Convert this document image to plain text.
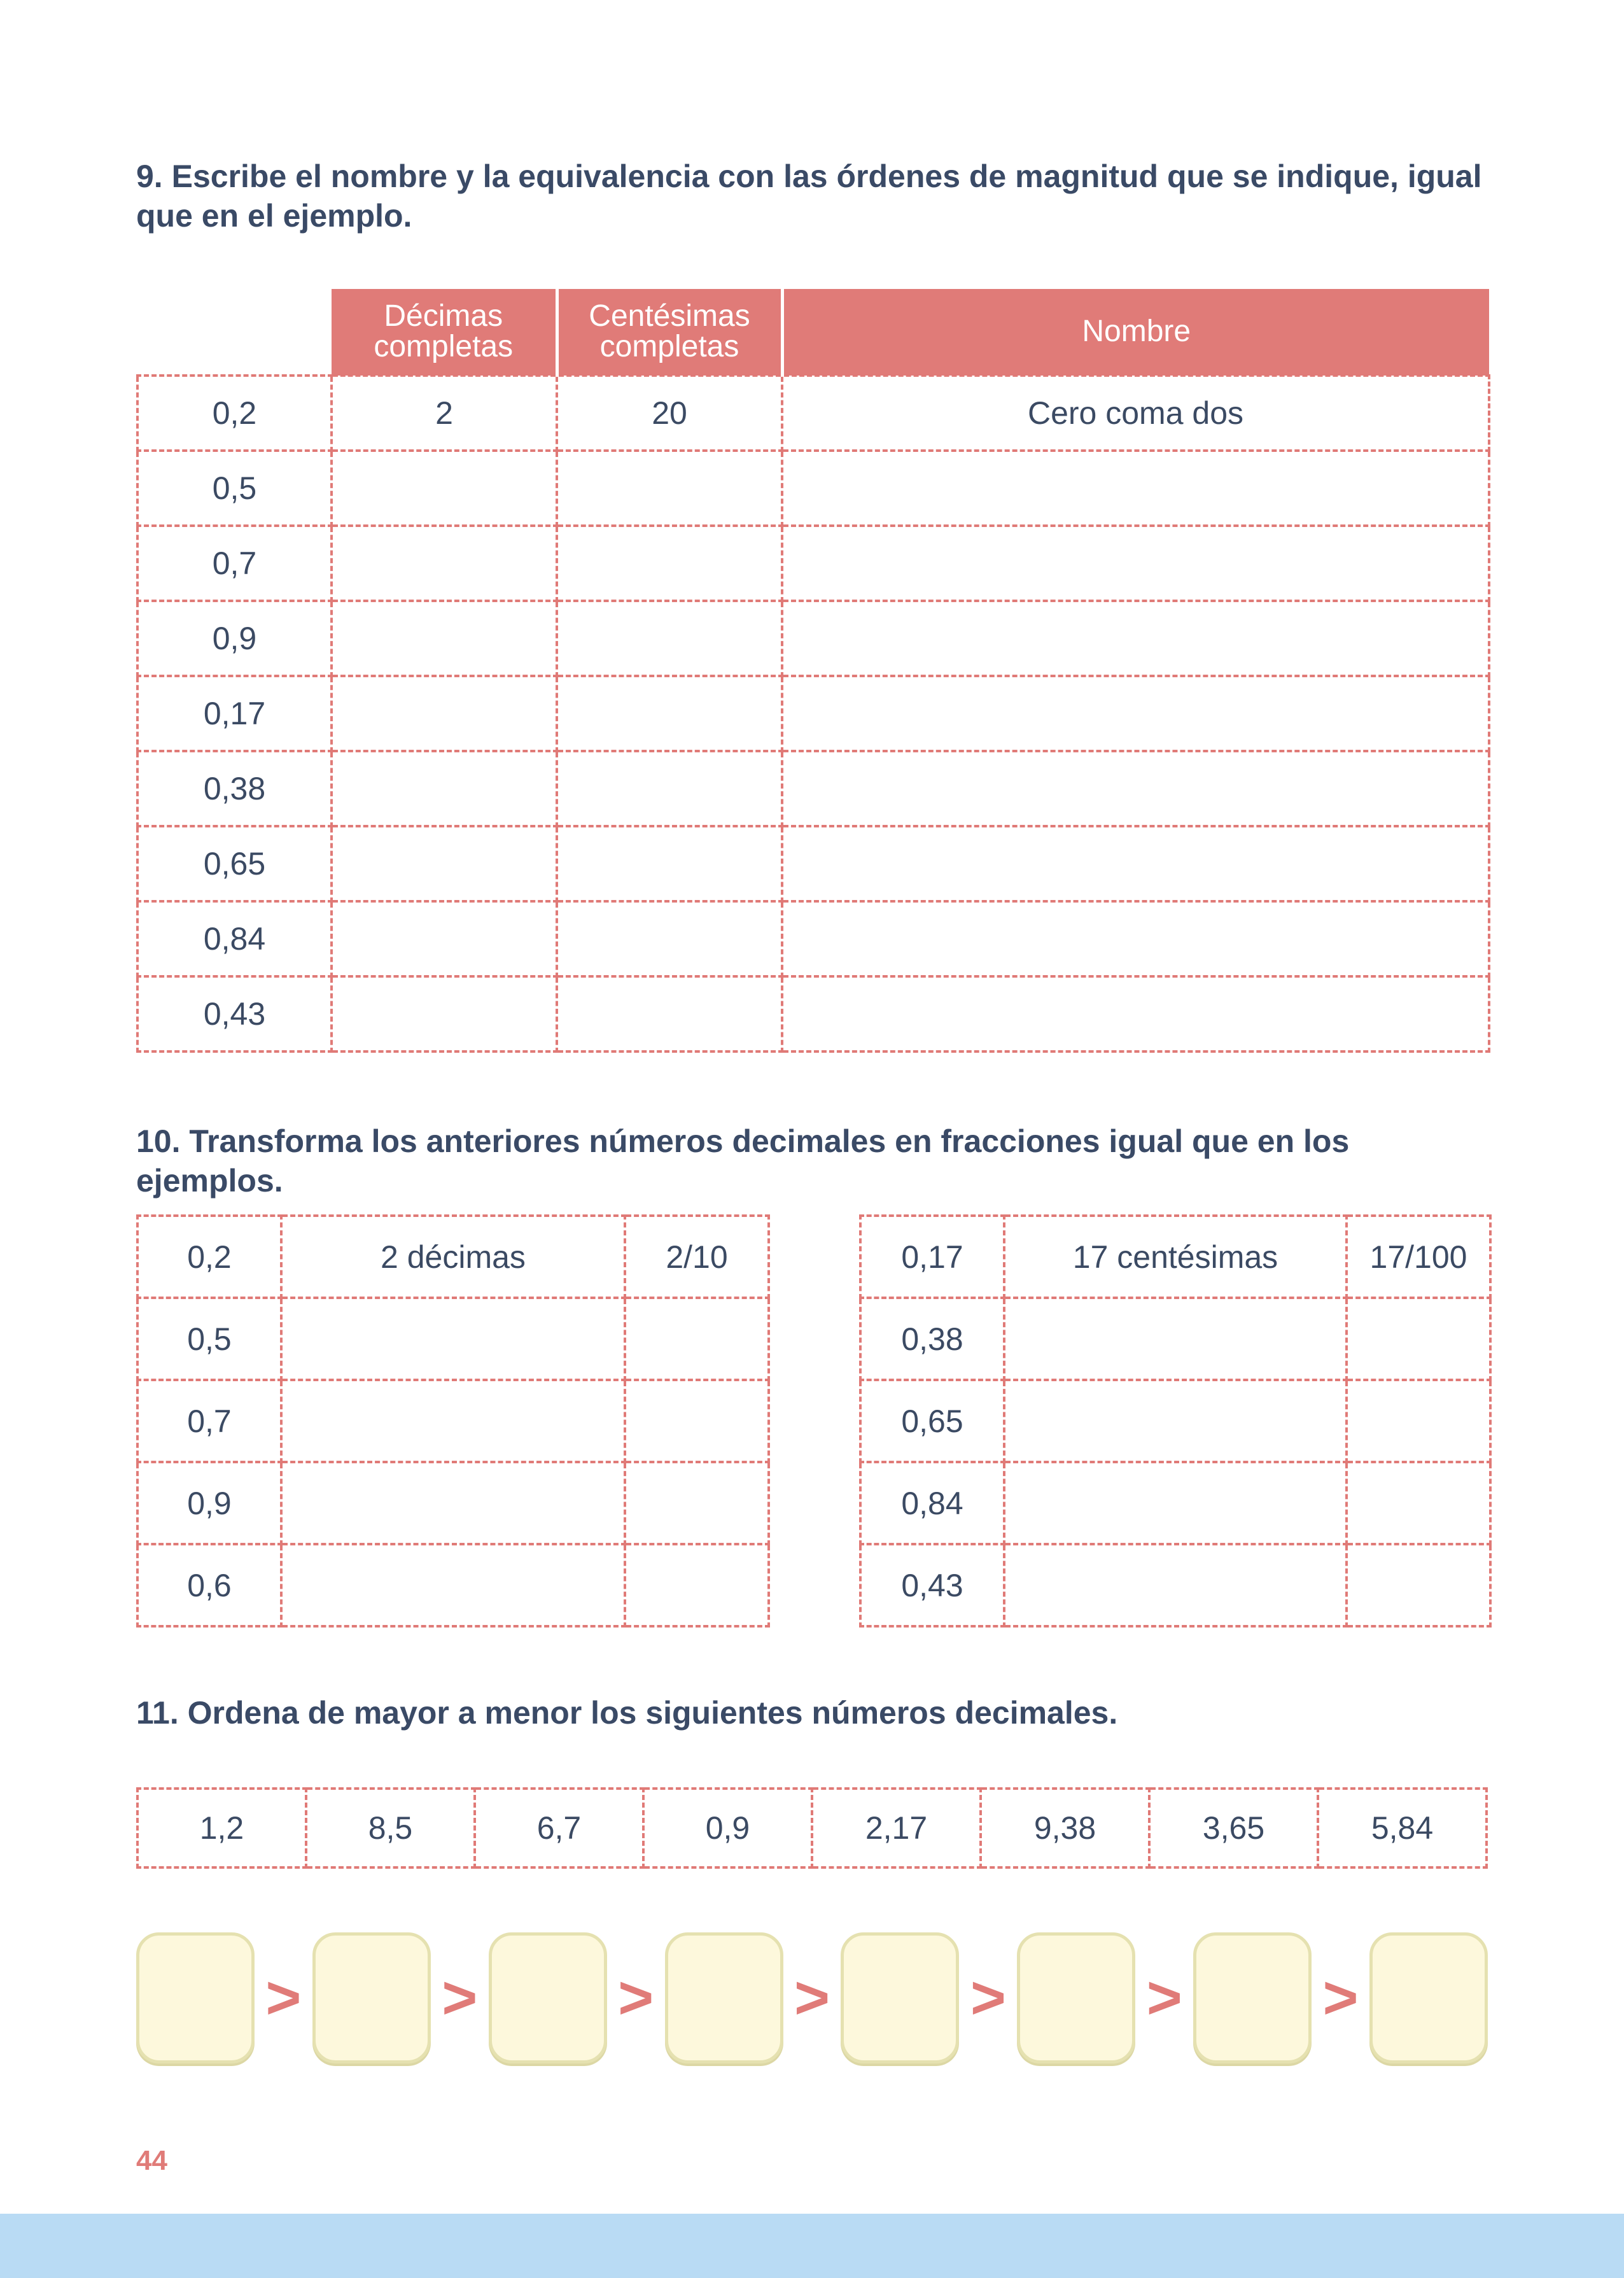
9. Escribe el nombre y la equivalencia con las órdenes de magnitud que se indique, igual que en el ejemplo.

	Décimas
completas	Centésimas
completas	Nombre
0,2	2	20	Cero coma dos
0,5			
0,7			
0,9			
0,17			
0,38			
0,65			
0,84			
0,43			

10. Transforma los anteriores números decimales en fracciones igual que en los ejemplos.

0,2	2 décimas	2/10
0,5		
0,7		
0,9		
0,6		
0,17	17 centésimas	17/100
0,38		
0,65		
0,84		
0,43		

11. Ordena de mayor a menor los siguientes números decimales.

1,2	8,5	6,7	0,9	2,17	9,38	3,65	5,84
> > > > > > >
44
